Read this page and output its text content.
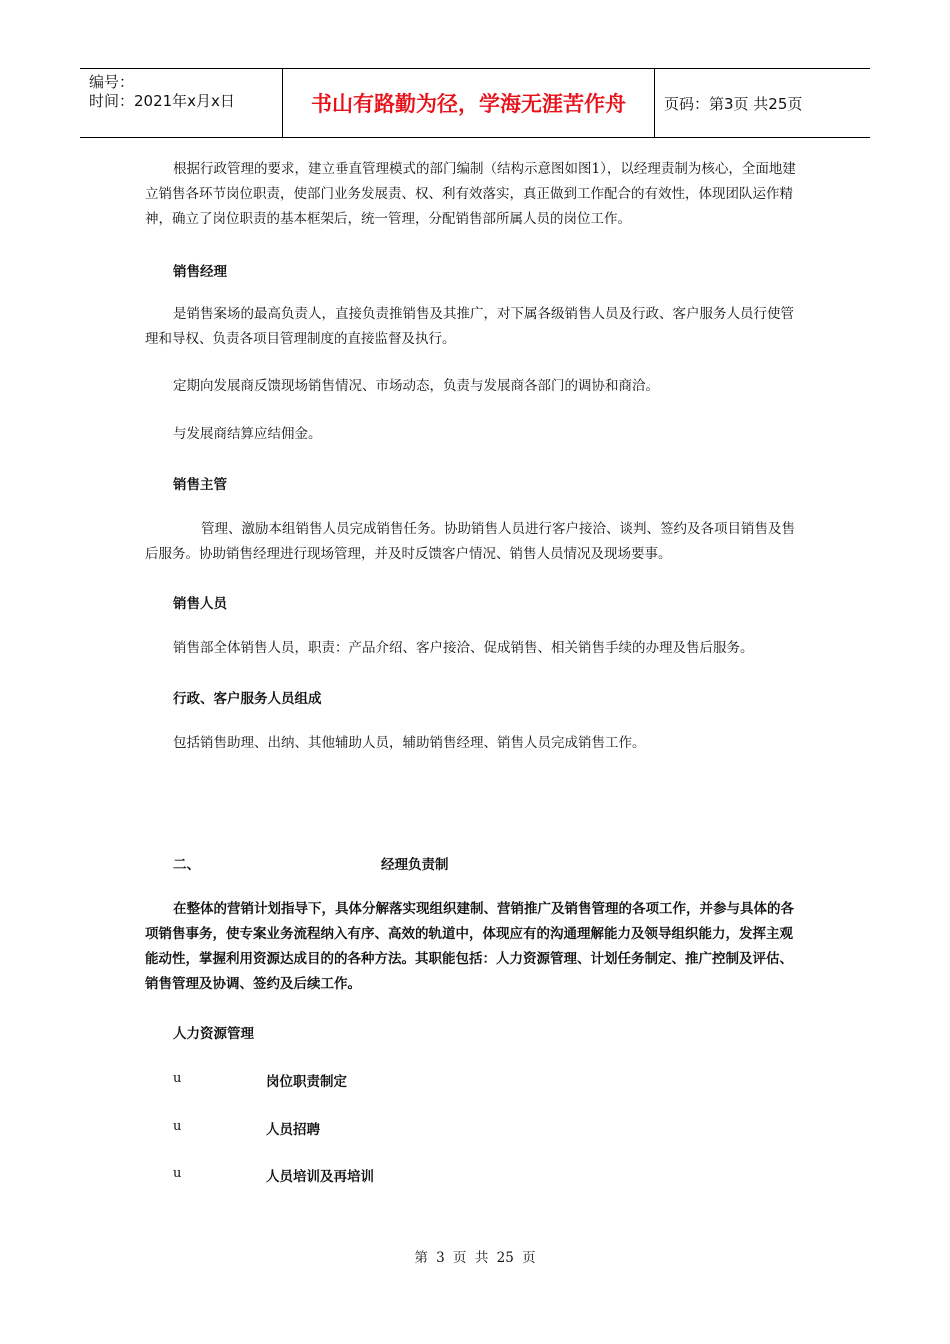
编号：
时间：2021年x月x日	书山有路勤为径，学海无涯苦作舟	页码：第3页 共25页
根据行政管理的要求，建立垂直管理模式的部门编制（结构示意图如图1），以经理责制为核心，全面地建立销售各环节岗位职责，使部门业务发展责、权、利有效落实，真正做到工作配合的有效性，体现团队运作精神，确立了岗位职责的基本框架后，统一管理，分配销售部所属人员的岗位工作。
销售经理
是销售案场的最高负责人，直接负责推销售及其推广，对下属各级销售人员及行政、客户服务人员行使管理和导权、负责各项目管理制度的直接监督及执行。
定期向发展商反馈现场销售情况、市场动态，负责与发展商各部门的调协和商洽。
与发展商结算应结佣金。
销售主管
管理、激励本组销售人员完成销售任务。协助销售人员进行客户接洽、谈判、签约及各项目销售及售后服务。协助销售经理进行现场管理，并及时反馈客户情况、销售人员情况及现场要事。
销售人员
销售部全体销售人员，职责：产品介绍、客户接洽、促成销售、相关销售手续的办理及售后服务。
行政、客户服务人员组成
包括销售助理、出纳、其他辅助人员，辅助销售经理、销售人员完成销售工作。
二、	经理负责制
在整体的营销计划指导下，具体分解落实现组织建制、营销推广及销售管理的各项工作，并参与具体的各项销售事务，使专案业务流程纳入有序、高效的轨道中，体现应有的沟通理解能力及领导组织能力，发挥主观能动性，掌握利用资源达成目的的各种方法。其职能包括：人力资源管理、计划任务制定、推广控制及评估、销售管理及协调、签约及后续工作。
人力资源管理
u	岗位职责制定
u	人员招聘
u	人员培训及再培训
第 3 页 共 25 页
